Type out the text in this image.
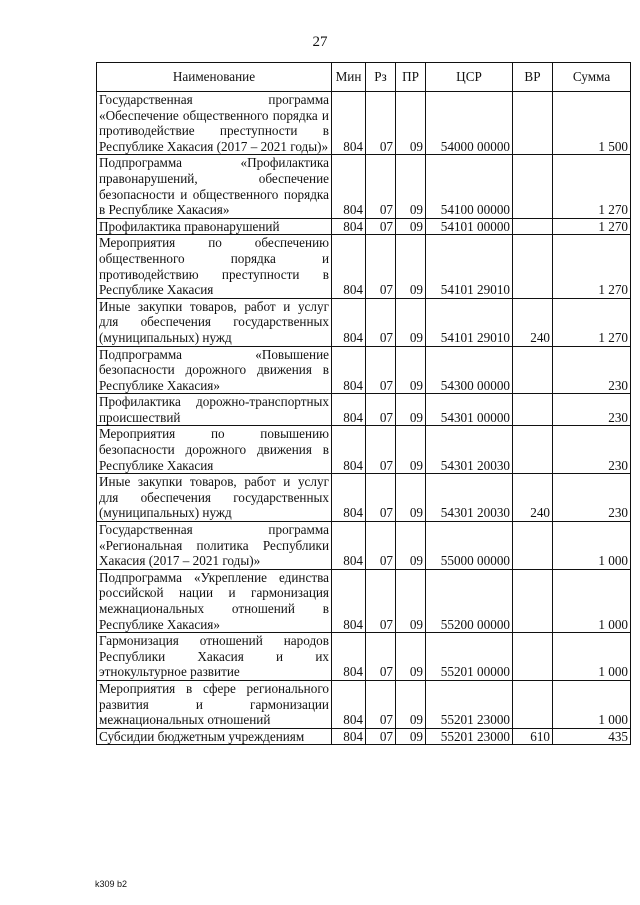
27
Наименование	Мин	Рз	ПР	ЦСР	ВР	Сумма
Государственная программа «Обеспечение общественного порядка и противодействие преступности в Республике Хакасия (2017 – 2021 годы)»	804	07	09	54000 00000		1 500
Подпрограмма «Профилактика правонарушений, обеспечение безопасности и общественного порядка в Республике Хакасия»	804	07	09	54100 00000		1 270
Профилактика правонарушений	804	07	09	54101 00000		1 270
Мероприятия по обеспечению общественного порядка и противодействию преступности в Республике Хакасия	804	07	09	54101 29010		1 270
Иные закупки товаров, работ и услуг для обеспечения государственных (муниципальных) нужд	804	07	09	54101 29010	240	1 270
Подпрограмма «Повышение безопасности дорожного движения в Республике Хакасия»	804	07	09	54300 00000		230
Профилактика дорожно-транспортных происшествий	804	07	09	54301 00000		230
Мероприятия по повышению безопасности дорожного движения в Республике Хакасия	804	07	09	54301 20030		230
Иные закупки товаров, работ и услуг для обеспечения государственных (муниципальных) нужд	804	07	09	54301 20030	240	230
Государственная программа «Региональная политика Республики Хакасия (2017 – 2021 годы)»	804	07	09	55000 00000		1 000
Подпрограмма «Укрепление единства российской нации и гармонизация межнациональных отношений в Республике Хакасия»	804	07	09	55200 00000		1 000
Гармонизация отношений народов Республики Хакасия и их этнокультурное развитие	804	07	09	55201 00000		1 000
Мероприятия в сфере регионального развития и гармонизации межнациональных отношений	804	07	09	55201 23000		1 000
Субсидии бюджетным учреждениям	804	07	09	55201 23000	610	435
k309 b2
